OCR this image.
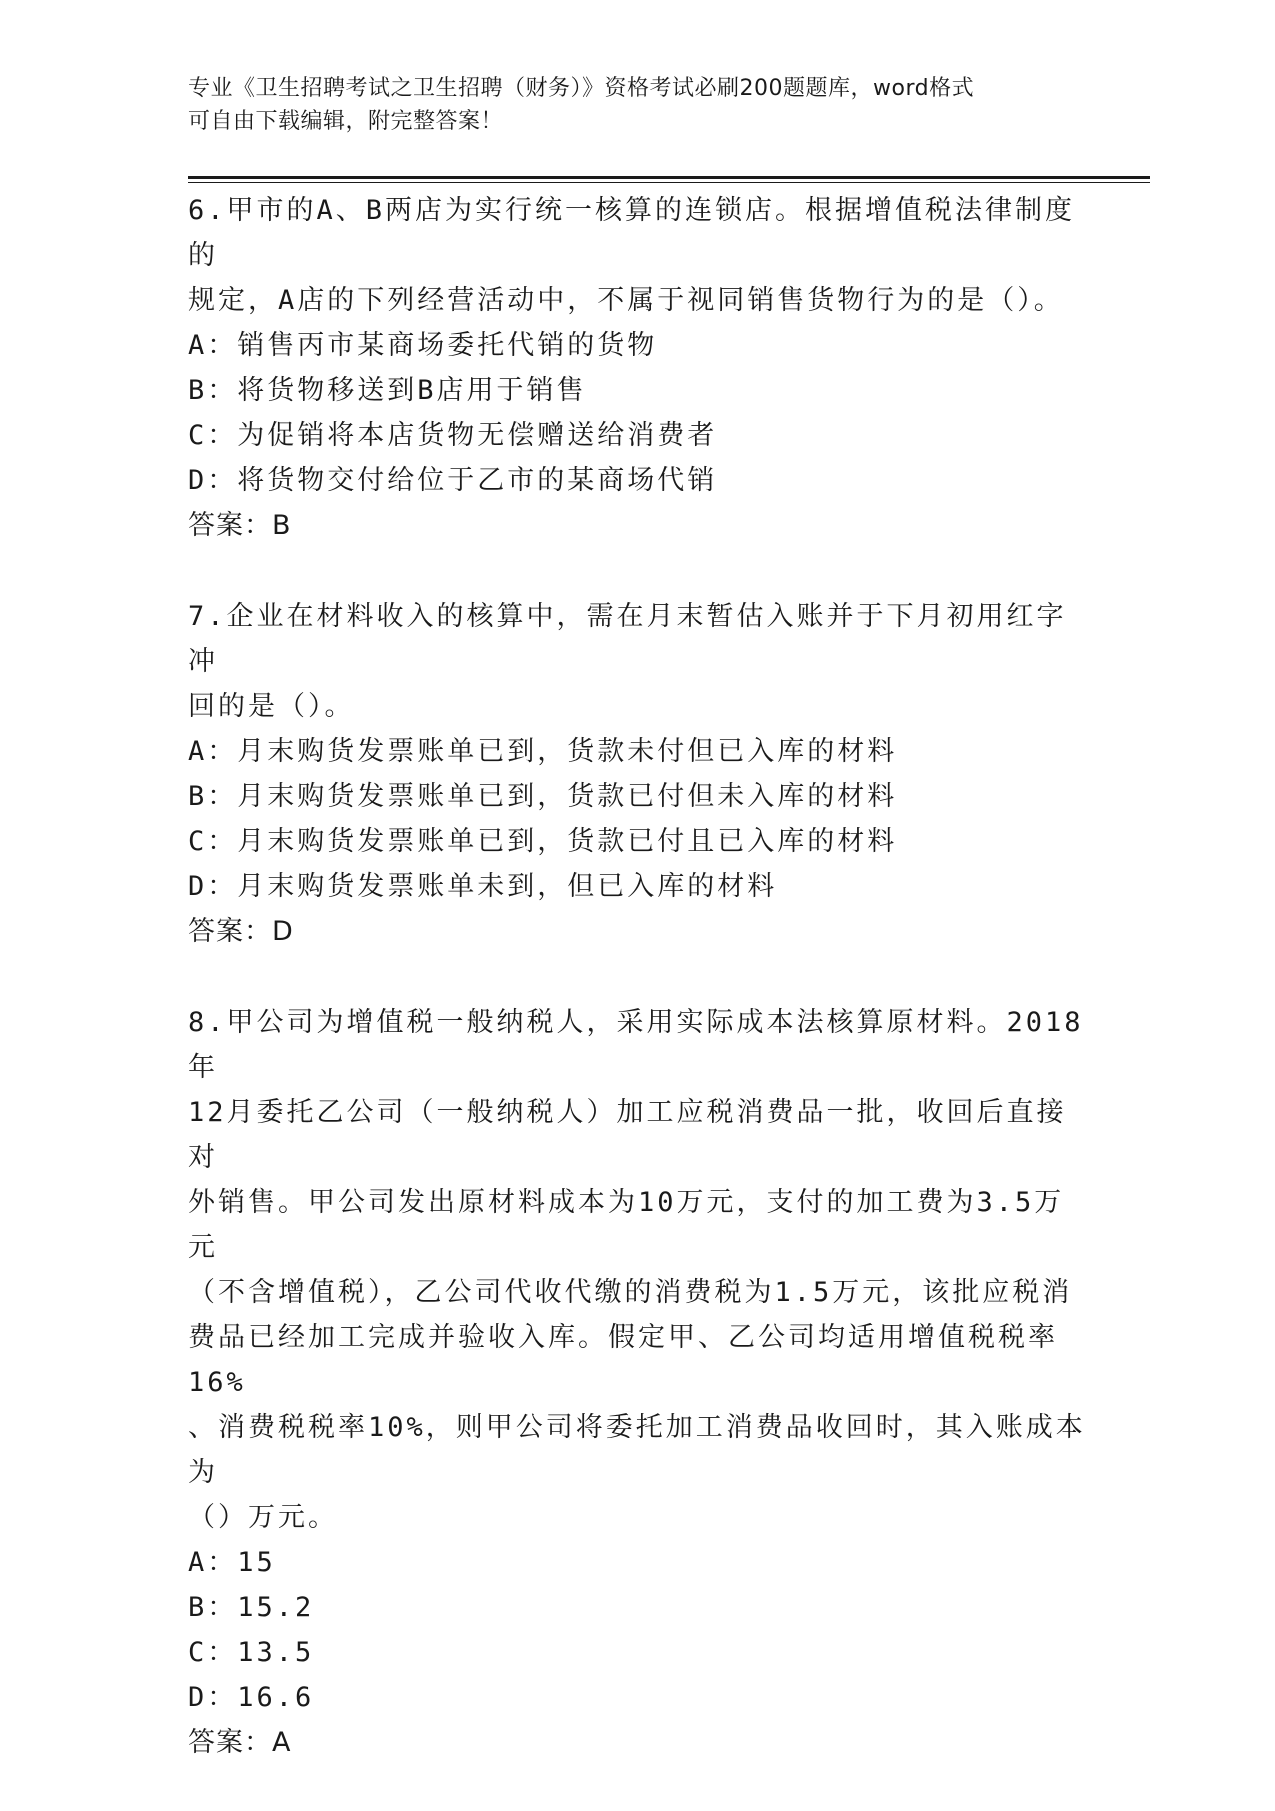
专业《卫生招聘考试之卫生招聘（财务）》资格考试必刷200题题库，word格式
可自由下载编辑，附完整答案！

6.甲市的A、B两店为实行统一核算的连锁店。根据增值税法律制度的

规定，A店的下列经营活动中，不属于视同销售货物行为的是（）。

A：销售丙市某商场委托代销的货物

B：将货物移送到B店用于销售

C：为促销将本店货物无偿赠送给消费者

D：将货物交付给位于乙市的某商场代销

答案：B

7.企业在材料收入的核算中，需在月末暂估入账并于下月初用红字冲

回的是（）。

A：月末购货发票账单已到，货款未付但已入库的材料

B：月末购货发票账单已到，货款已付但未入库的材料

C：月末购货发票账单已到，货款已付且已入库的材料

D：月末购货发票账单未到，但已入库的材料

答案：D

8.甲公司为增值税一般纳税人，采用实际成本法核算原材料。2018年

12月委托乙公司（一般纳税人）加工应税消费品一批，收回后直接对

外销售。甲公司发出原材料成本为10万元，支付的加工费为3.5万元

（不含增值税），乙公司代收代缴的消费税为1.5万元，该批应税消

费品已经加工完成并验收入库。假定甲、乙公司均适用增值税税率16%

、消费税税率10%，则甲公司将委托加工消费品收回时，其入账成本为

（）万元。

A：15

B：15.2

C：13.5

D：16.6

答案：A
